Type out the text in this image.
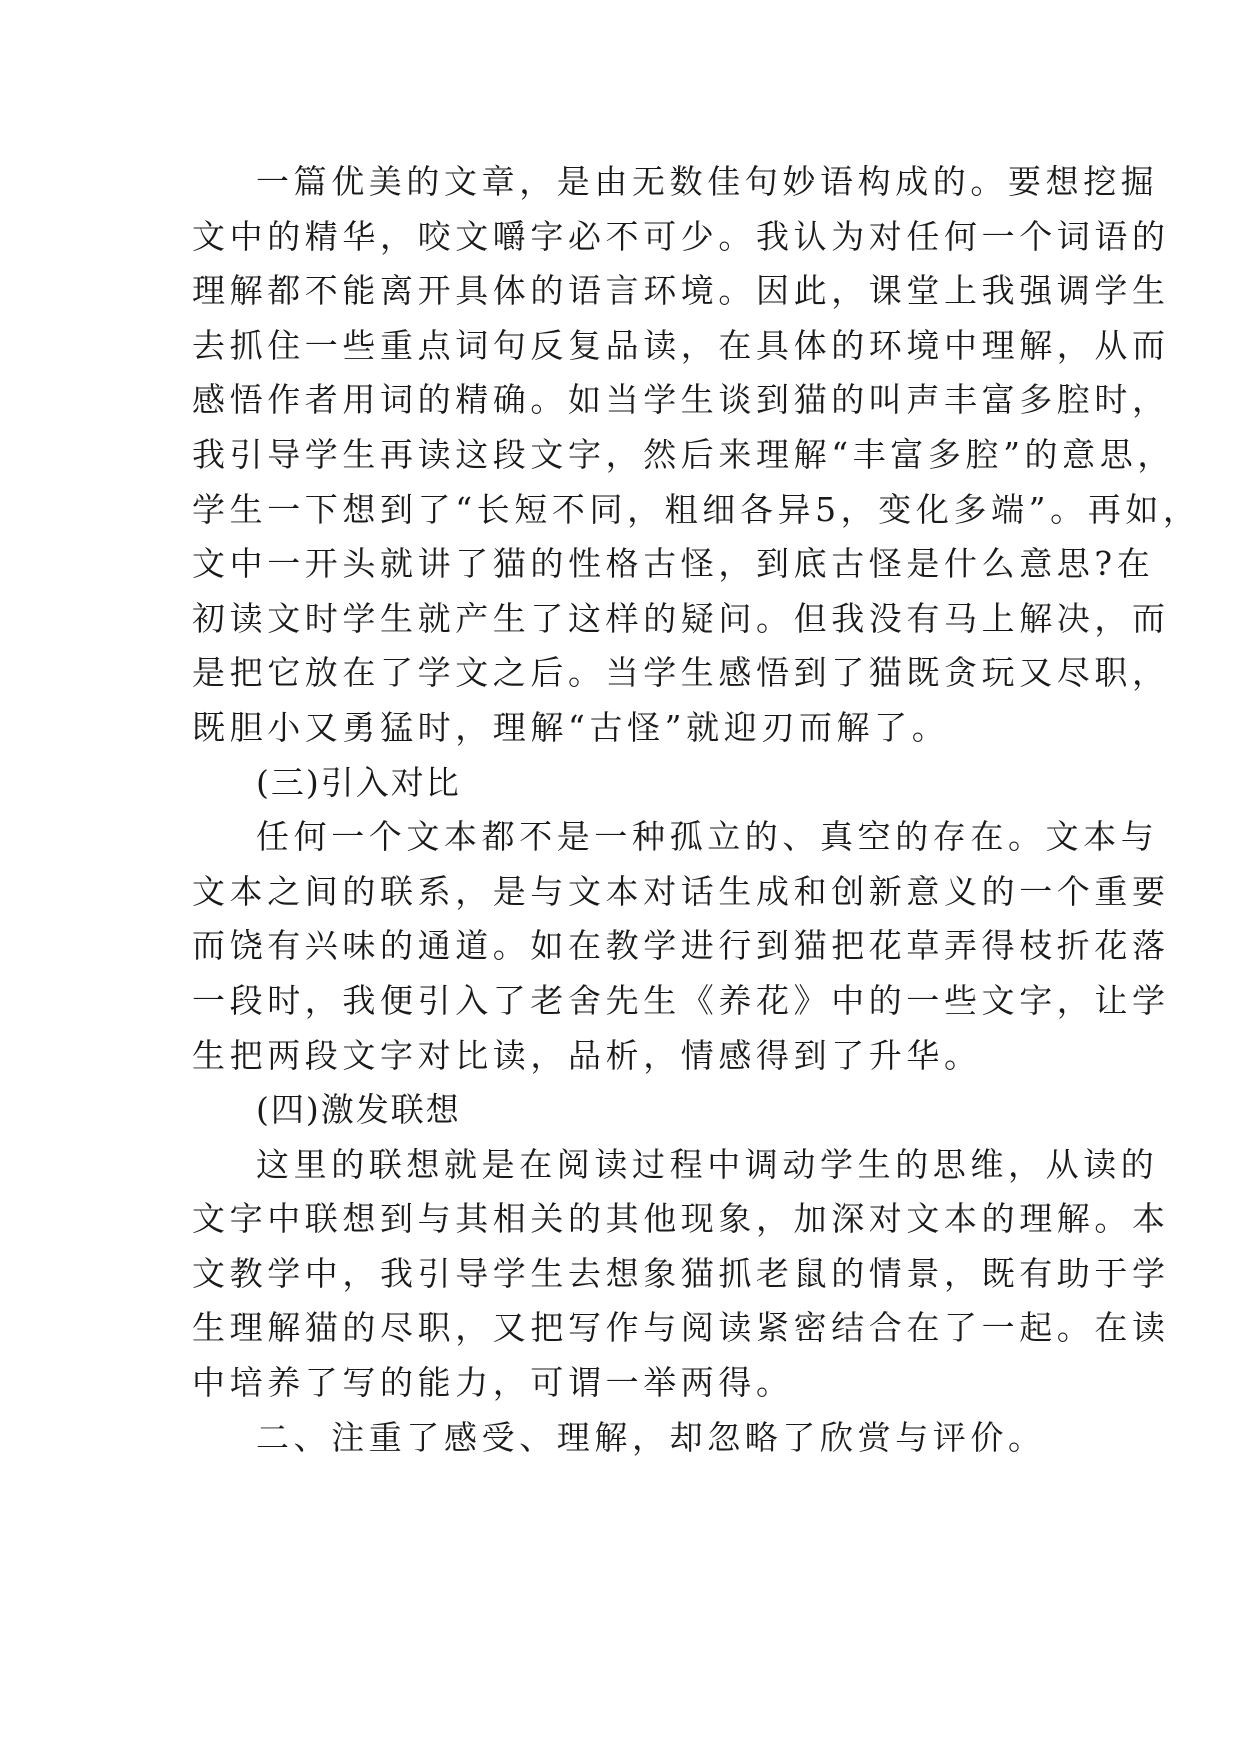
一篇优美的文章，是由无数佳句妙语构成的。要想挖掘
文中的精华，咬文嚼字必不可少。我认为对任何一个词语的
理解都不能离开具体的语言环境。因此，课堂上我强调学生
去抓住一些重点词句反复品读，在具体的环境中理解，从而
感悟作者用词的精确。如当学生谈到猫的叫声丰富多腔时，
我引导学生再读这段文字，然后来理解“丰富多腔”的意思，
学生一下想到了“长短不同，粗细各异5，变化多端”。再如，
文中一开头就讲了猫的性格古怪，到底古怪是什么意思?在
初读文时学生就产生了这样的疑问。但我没有马上解决，而
是把它放在了学文之后。当学生感悟到了猫既贪玩又尽职，
既胆小又勇猛时，理解“古怪”就迎刃而解了。
(三)引入对比
任何一个文本都不是一种孤立的、真空的存在。文本与
文本之间的联系，是与文本对话生成和创新意义的一个重要
而饶有兴味的通道。如在教学进行到猫把花草弄得枝折花落
一段时，我便引入了老舍先生《养花》中的一些文字，让学
生把两段文字对比读，品析，情感得到了升华。
(四)激发联想
这里的联想就是在阅读过程中调动学生的思维，从读的
文字中联想到与其相关的其他现象，加深对文本的理解。本
文教学中，我引导学生去想象猫抓老鼠的情景，既有助于学
生理解猫的尽职，又把写作与阅读紧密结合在了一起。在读
中培养了写的能力，可谓一举两得。
二、注重了感受、理解，却忽略了欣赏与评价。
